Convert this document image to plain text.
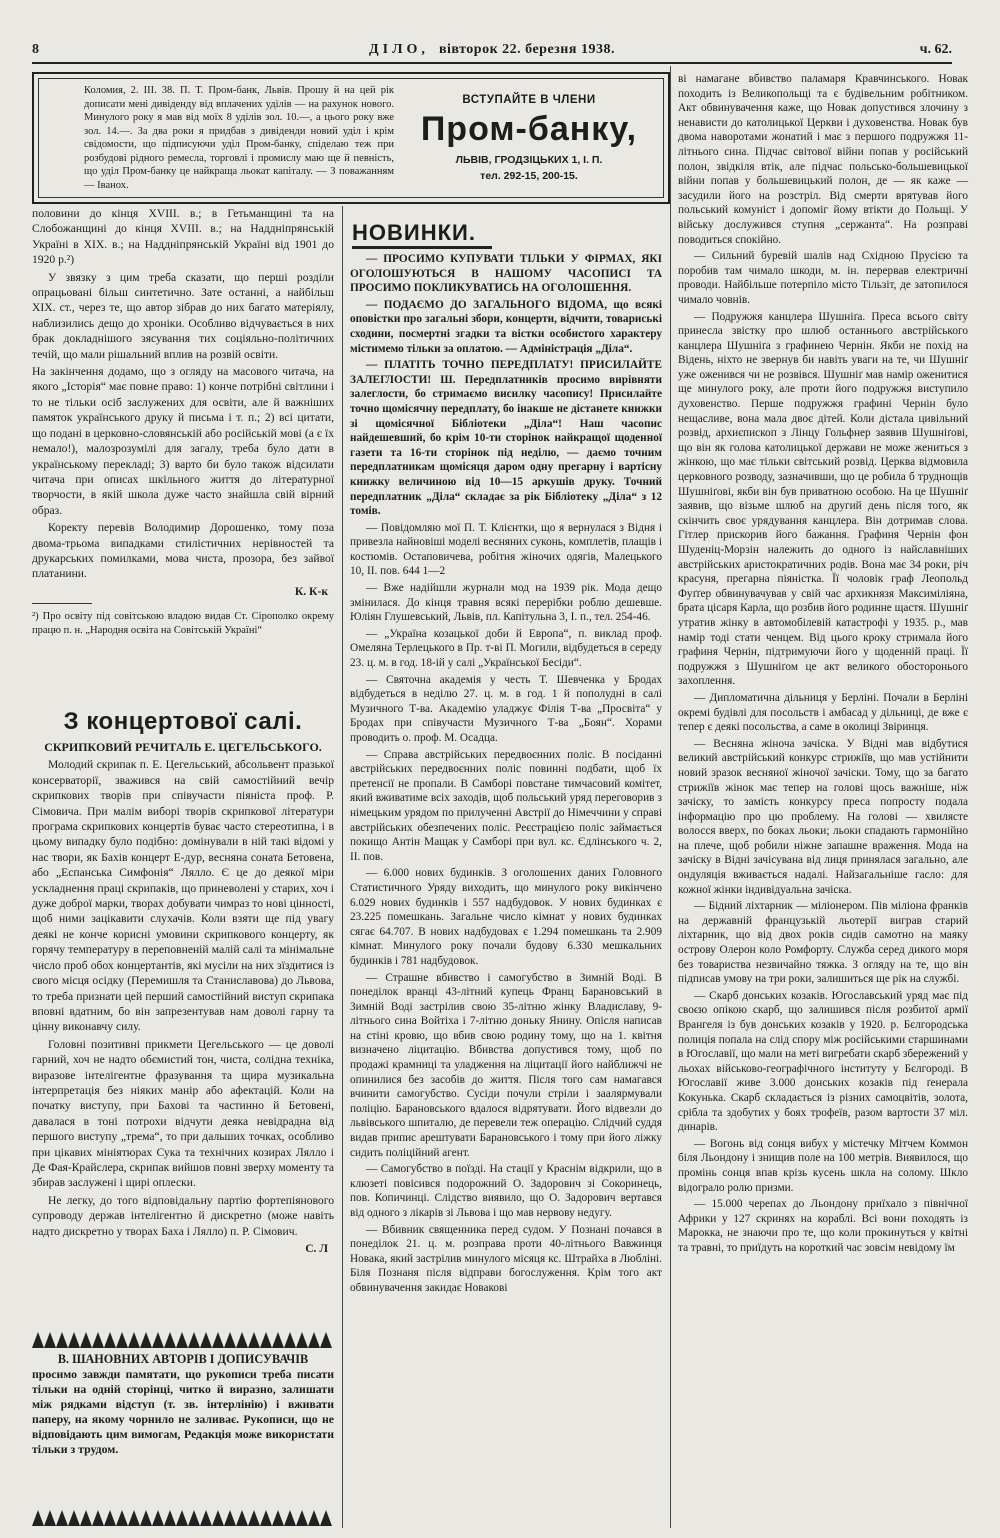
8	ДІЛО, вівторок 22. березня 1938.	ч. 62.
Коломия, 2. III. 38. П. Т. Пром-банк, Львів. Прошу й на цей рік дописати мені дивіденду від вплачених уділів — на рахунок нового. Минулого року я мав від моїх 8 уділів зол. 10.—, а цього року вже зол. 14.—. За два роки я придбав з дивіденди новий уділ і крім свідомости, що підписуючи уділ Пром-банку, спіделаю теж при розбудові рідного ремесла, торговлі і промислу маю ще й певність, що уділ Пром-банку це найкраща льокат капіталу. — З поважанням — Іванох.
ВСТУПАЙТЕ В ЧЛЕНИ
Пром-банку,
ЛЬВІВ, ГРОДЗІЦЬКИХ 1, І. П.
тел. 292-15, 200-15.

половини до кінця XVIII. в.; в Гетьманщині та на Слобожанщині до кінця XVIII. в.; на Наддніпрянській Україні в XIX. в.; на Наддніпрянській Україні від 1901 до 1920 р.²)

У звязку з цим треба сказати, що перші розділи опрацьовані більш синтетично. Зате останні, а найбільш XIX. ст., через те, що автор зібрав до них багато матеріялу, наблизились дещо до хроніки. Особливо відчувається в них брак докладнішого зясування тих соціяльно-політичних течій, що мали рішальний вплив на розвій освіти.

На закінчення додамо, що з огляду на масового читача, на якого „Історія“ має повне право: 1) конче потрібні світлини і то не тільки осіб заслужених для освіти, але й важніших памяток українського друку й письма і т. п.; 2) всі цитати, що подані в церковно-словянській або російській мові (а є їх немало!), малозрозумілі для загалу, треба було дати в українському перекладі; 3) варто би було також відсилати читача при описах шкільного життя до літературної творчости, в якій школа дуже часто знайшла свій вірний образ.

Коректу перевів Володимир Дорошенко, тому поза двома-трьома випадками стилістичних нерівностей та друкарських помилками, мова чиста, прозора, без зайвої платанини.

К. К-к
²) Про освіту під совітською владою видав Ст. Сірополко окрему працю п. н. „Народня освіта на Совітській Україні“
З концертової салі.
СКРИПКОВИЙ РЕЧИТАЛЬ Е. ЦЕГЕЛЬСЬКОГО.

Молодий скрипак п. Е. Цегельський, абсольвент празької консерваторії, зважився на свій самостійний вечір скрипкових творів при співучасти піяніста проф. Р. Сімовича. При малім виборі творів скрипкової літератури програма скрипкових концертів буває часто стереотипна, і в цьому випадку було подібно: домінували в ній такі відомі у нас твори, як Бахів концерт Е-дур, весняна соната Бетовена, або „Еспанська Симфонія“ Лялло. Є це до деякої міри ускладнення праці скрипаків, що приневолені у старих, хоч і дуже доброї марки, творах добувати чимраз то нові цінності, щоб ними зацікавити слухачів. Коли взяти ще під увагу деякі не конче корисні умовини скрипкового концерту, як горячу температуру в переповненій малій салі та мінімальне число проб обох концертантів, які мусіли на них зїздитися із свого місця осідку (Перемишля та Станиславова) до Львова, то треба признати цей перший самостійний виступ скрипака вповні вдатним, бо він запрезентував нам доволі гарну та цінну виконавчу силу.

Головні позитивні прикмети Цегельського — це доволі гарний, хоч не надто обємистий тон, чиста, солідна техніка, виразове інтелігентне фразування та щира музикальна інтерпретація без ніяких манір або афектацій. Коли на початку виступу, при Бахові та частинно й Бетовені, давалася в тоні потрохи відчути деяка невідрадна від першого виступу „трема“, то при дальших точках, особливо при цікавих мініятюрах Сука та технічних козирах Лялло і Де Фая-Крайслера, скрипак вийшов повні зверху моменту та збирав заслужені і щирі оплески.

Не легку, до того відповідальну партію фортепіянового супроводу держав інтелігентно й дискретно (може навіть надто дискретно у творах Баха і Лялло) п. Р. Сімович.

С. Л
В. ШАНОВНИХ АВТОРІВ І ДОПИСУВАЧІВ
просимо завжди памятати, що рукописи треба писати тільки на одній сторінці, читко й виразно, залишати між рядками відступ (т. зв. інтерлінію) і вживати паперу, на якому чорнило не заливає. Рукописи, що не відповідають цим вимогам, Редакція може використати тільки з трудом.
НОВИНКИ.

— ПРОСИМО КУПУВАТИ ТІЛЬКИ У ФІРМАХ, ЯКІ ОГОЛОШУЮТЬСЯ В НАШОМУ ЧАСОПИСІ ТА ПРОСИМО ПОКЛИКУВАТИСЬ НА ОГОЛОШЕННЯ.

— ПОДАЄМО ДО ЗАГАЛЬНОГО ВІДОМА, що всякі оповістки про загальні збори, концерти, відчити, товариські сходини, посмертні згадки та вістки особистого характеру містимемо тільки за оплатою. — Адміністрація „Діла“.

— ПЛАТІТЬ ТОЧНО ПЕРЕДПЛАТУ! ПРИСИЛАЙТЕ ЗАЛЕГЛОСТИ! Ш. Передплатників просимо вирівняти залеглости, бо стримаємо висилку часопису! Присилайте точно щомісячну передплату, бо інакше не дістанете книжки зі щомісячної Бібліотеки „Діла“! Наш часопис найдешевший, бо крім 10-ти сторінок найкращої щоденної газети та 16-ти сторінок під неділю, — даємо точним передплатникам щомісяця даром одну прегарну і вартісну книжку величиною від 10—15 аркушів друку. Точний передплатник „Діла“ складає за рік Бібліотеку „Діла“ з 12 томів.

— Повідомляю мої П. Т. Клієнтки, що я вернулася з Відня і привезла найновіші моделі весняних суконь, комплетів, плащів і костюмів. Остаповичева, робітня жіночих одягів, Малецького 10, II. пов. 644 1—2

— Вже надійшли журнали мод на 1939 рік. Мода дещо змінилася. До кінця травня всякі перерібки роблю дешевше. Юліян Глушевський, Львів, пл. Капітульна 3, I. п., тел. 254-46.

— „Україна козацької доби й Европа“, п. виклад проф. Омеляна Терлецького в Пр. т-ві П. Могили, відбудеться в середу 23. ц. м. в год. 18-ій у салі „Української Бесіди“.

— Святочна академія у честь Т. Шевченка у Бродах відбудеться в неділю 27. ц. м. в год. 1 й пополудні в салі Музичного Т-ва. Академію уладжує Філія Т-ва „Просвіта“ у Бродах при співучасти Музичного Т-ва „Боян“. Хорами проводить о. проф. М. Осадца.

— Справа австрійських передвоєнних поліс. В посіданні австрійських передвоєнних поліс повинні подбати, щоб їх претенсії не пропали. В Самборі повстане тимчасовий комітет, який вживатиме всіх заходів, щоб польський уряд переговорив з німецьким урядом по прилученні Австрії до Німеччини у справі австрійських обезпечених поліс. Реєстрацією поліс займається покищо Антін Мащак у Самборі при вул. кс. Єдлінського ч. 2, II. пов.

— 6.000 нових будинків. З оголошених даних Головного Статистичного Уряду виходить, що минулого року викінчено 6.029 нових будинків і 557 надбудовок. У нових будинках є 23.225 помешкань. Загальне число кімнат у нових будинках сягає 64.707. В нових надбудовах є 1.294 помешкань та 2.909 кімнат. Минулого року почали будову 6.330 мешкальних будинків і 781 надбудовок.

— Страшне вбивство і самогубство в Зимній Воді. В понеділок вранці 43-літний купець Франц Барановський в Зимній Воді застрілив свою 35-літню жінку Владиславу, 9-літнього сина Войтіха і 7-літню доньку Янину. Опісля написав на стіні кровю, що вбив свою родину тому, що на 1. квітня визначено ліцитацію. Вбивства допустився тому, щоб по продажі крамниці та уладження на ліцитації його найближчі не опинилися без засобів до життя. Після того сам намагався вчинити самогубство. Сусіди почули стріли і заалярмували поліцію. Барановського вдалося відрятувати. Його відвезли до львівського шпиталю, де перевели теж операцію. Слідчий суддя видав припис арештувати Барановського і тому при його ліжку сидить поліційний агент.

— Самогубство в поїзді. На стації у Краснім відкрили, що в клюзеті повісився подорожний О. Задорович зі Сокоринець, пов. Копичинці. Слідство виявило, що О. Задорович вертався від одного з лікарів зі Львова і що мав нервову недугу.

— Вбивник священника перед судом. У Познані почався в понеділок 21. ц. м. розправа проти 40-літнього Вавжинця Новака, який застрілив минулого місяця кс. Штрайха в Любліні. Біля Познаня після відправи богослуження. Крім того акт обвинувачення закидає Новакові

ві намагане вбивство паламаря Кравчинського. Новак походить із Великопольщі та є будівельним робітником. Акт обвинувачення каже, що Новак допустився злочину з ненависти до католицької Церкви і духовенства. Новак був двома наворотами жонатий і має з першого подружжя 11-літнього сина. Підчас світової війни попав у російський полон, звідкіля втік, але підчас польсько-большевицької війни попав у большевицький полон, де — як каже — засудили його на розстріл. Від смерти врятував його польський комуніст і допоміг йому втікти до Польщі. У війську дослужився ступня „сержанта“. На розправі поводиться спокійно.

— Сильний буревій шалів над Східною Прусією та поробив там чимало шкоди, м. ін. перервав електричні проводи. Найбільше потерпіло місто Тільзіт, де затопилося чимало човнів.

— Подружжя канцлера Шушніґа. Преса всього світу принесла звістку про шлюб останнього австрійського канцлера Шушніґа з графинею Чернін. Якби не похід на Відень, ніхто не звернув би навіть уваги на те, чи Шушніґ уже оженився чи не розвівся. Шушніґ мав намір оженитися ще минулого року, але проти його подружжя виступило духовенство. Перше подружжя графині Чернін було нещасливе, вона мала двоє дітей. Коли дістала цивільний розвід, архиєпископ з Лінцу Гольфнер заявив Шушніґові, що він як голова католицької держави не може жениться з жінкою, що має тільки світський розвід. Церква відмовила церковного розводу, зазначивши, що це робила б труднощів Шушніґові, якби він був приватною особою. На це Шушніґ заявив, що візьме шлюб на другий день після того, як скінчить своє урядування канцлера. Він дотримав слова. Гітлер прискорив його бажання. Графиня Чернін фон Шуденіц-Морзін належить до одного із найславніших австрійських аристократичних родів. Вона має 34 роки, річ красуня, прегарна піяністка. Її чоловік граф Леопольд Фуґґер обвинувачував у свій час архикнязя Максиміліяна, брата цісаря Карла, що розбив його родинне щастя. Шушніґ утратив жінку в автомобілевій катастрофі у 1935. р., мав намір тоді стати ченцем. Від цього кроку стримала його графиня Чернін, підтримуючи його у щоденній праці. Її подружжя з Шушніґом це акт великого обосторонього захоплення.

— Дипломатична дільниця у Берліні. Почали в Берліні окремі будівлі для посольств і амбасад у дільниці, де вже є тепер є деякі посольства, а саме в околиці Звіринця.

— Весняна жіноча зачіска. У Відні мав відбутися великий австрійський конкурс стрижіїв, що мав устійнити новий зразок весняної жіночої зачіски. Тому, що за багато стрижіїв жінок має тепер на голові щось важніше, ніж зачіску, то замість конкурсу преса попросту подала інформацію про цю проблему. На голові — хвилясте волосся вверх, по боках льоки; льоки спадають гармонійно на плече, щоб робили ніжне запашне враження. Мода на зачіску в Відні зачісувана від лиця принялася загально, але ондуляція вживається надалі. Найзагальніше гасло: для кожної жінки індивідуальна зачіска.

— Бідний ліхтарник — міліонером. Пів міліона франків на державній французькій льотерії виграв старий ліхтарник, що від двох років сидів самотно на маяку острову Олерон коло Ромфорту. Служба серед дикого моря без товариства незвичайно тяжка. З огляду на те, що він підписав умову на три роки, залишиться ще рік на службі.

— Скарб донських козаків. Югославський уряд має під своєю опікою скарб, що залишився після розбитої армії Врангеля із був донських козаків у 1920. р. Бєлгородська полиція попала на слід спору між російськими старшинами в Югославії, що мали на меті вигребати скарб збережений у льохах військово-географічного інституту у Бєлгороді. В Югославії живе 3.000 донських козаків під ґенерала Кокунька. Скарб складається із різних самоцвітів, золота, срібла та здобутих у боях трофеїв, разом вартости 37 міл. динарів.

— Вогонь від сонця вибух у містечку Мітчем Коммон біля Льондону і знищив поле на 100 метрів. Виявилося, що промінь сонця впав крізь кусень шкла на солому. Шкло відограло ролю призми.

— 15.000 черепах до Льондону приїхало з північної Африки у 127 скринях на кораблі. Всі вони походять із Марокка, не знаючи про те, що коли прокинуться у квітні та травні, то приїдуть на короткий час зовсім невідому їм
